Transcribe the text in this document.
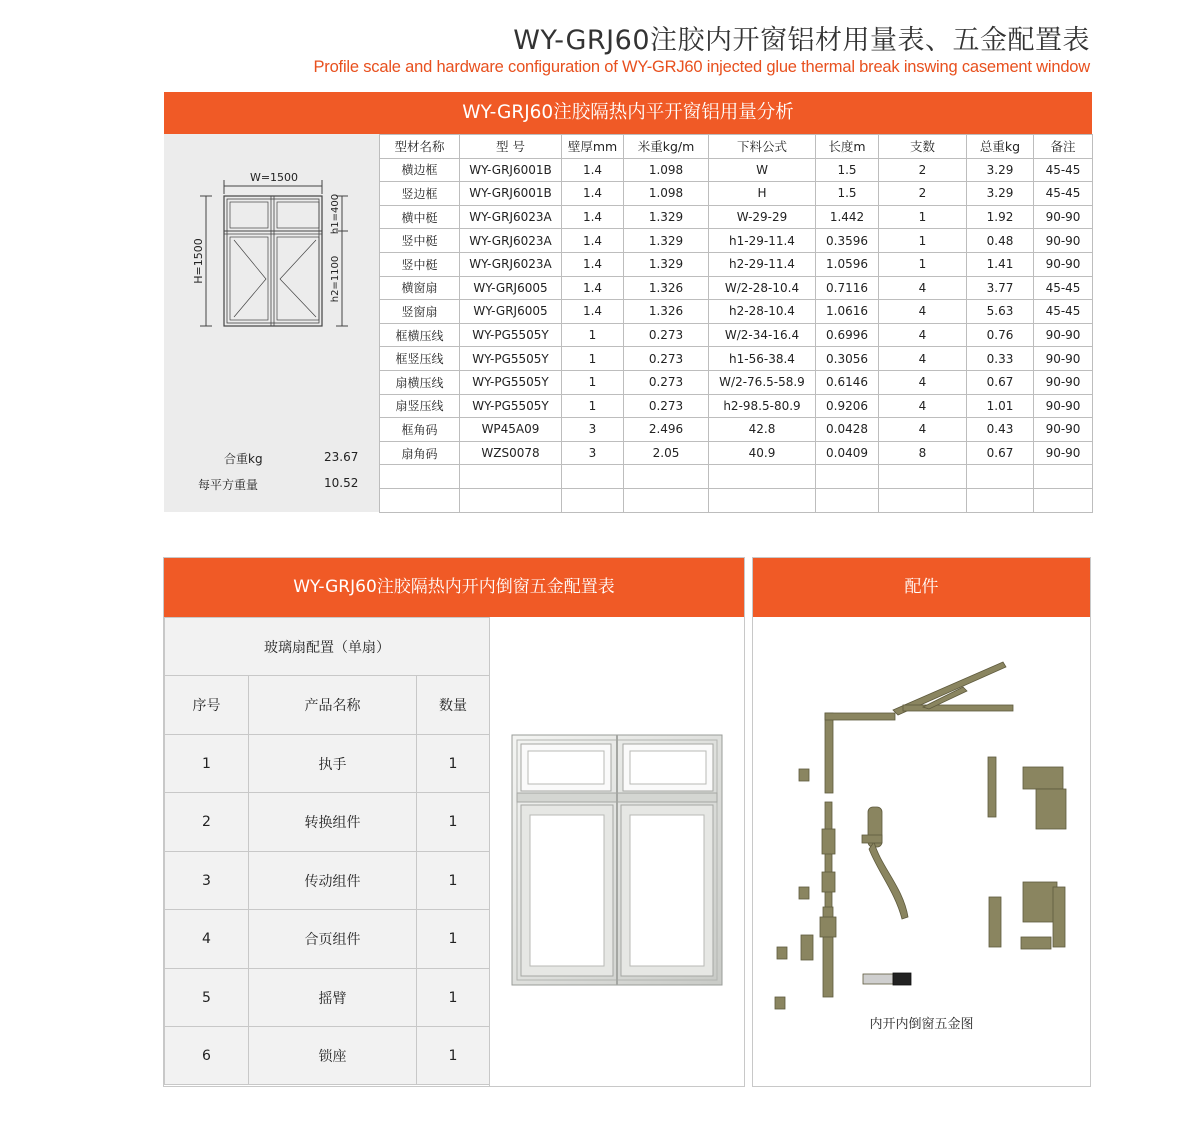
WY-GRJ60注胶内开窗铝材用量表、五金配置表
Profile scale and hardware configuration of WY-GRJ60 injected glue thermal break inswing casement window
WY-GRJ60注胶隔热内平开窗铝用量分析
W=1500
H=1500
h1=400
h2=1100
合重kg	23.67
每平方重量	10.52
型材名称	型 号	壁厚mm	米重kg/m	下料公式	长度m	支数	总重kg	备注
横边框	WY-GRJ6001B	1.4	1.098	W	1.5	2	3.29	45-45
竖边框	WY-GRJ6001B	1.4	1.098	H	1.5	2	3.29	45-45
横中梃	WY-GRJ6023A	1.4	1.329	W-29-29	1.442	1	1.92	90-90
竖中梃	WY-GRJ6023A	1.4	1.329	h1-29-11.4	0.3596	1	0.48	90-90
竖中梃	WY-GRJ6023A	1.4	1.329	h2-29-11.4	1.0596	1	1.41	90-90
横窗扇	WY-GRJ6005	1.4	1.326	W/2-28-10.4	0.7116	4	3.77	45-45
竖窗扇	WY-GRJ6005	1.4	1.326	h2-28-10.4	1.0616	4	5.63	45-45
框横压线	WY-PG5505Y	1	0.273	W/2-34-16.4	0.6996	4	0.76	90-90
框竖压线	WY-PG5505Y	1	0.273	h1-56-38.4	0.3056	4	0.33	90-90
扇横压线	WY-PG5505Y	1	0.273	W/2-76.5-58.9	0.6146	4	0.67	90-90
扇竖压线	WY-PG5505Y	1	0.273	h2-98.5-80.9	0.9206	4	1.01	90-90
框角码	WP45A09	3	2.496	42.8	0.0428	4	0.43	90-90
扇角码	WZS0078	3	2.05	40.9	0.0409	8	0.67	90-90

WY-GRJ60注胶隔热内开内倒窗五金配置表
玻璃扇配置（单扇）		
序号	产品名称	数量
1	执手	1
2	转换组件	1
3	传动组件	1
4	合页组件	1
5	摇臂	1
6	锁座	1
配件
内开内倒窗五金图
